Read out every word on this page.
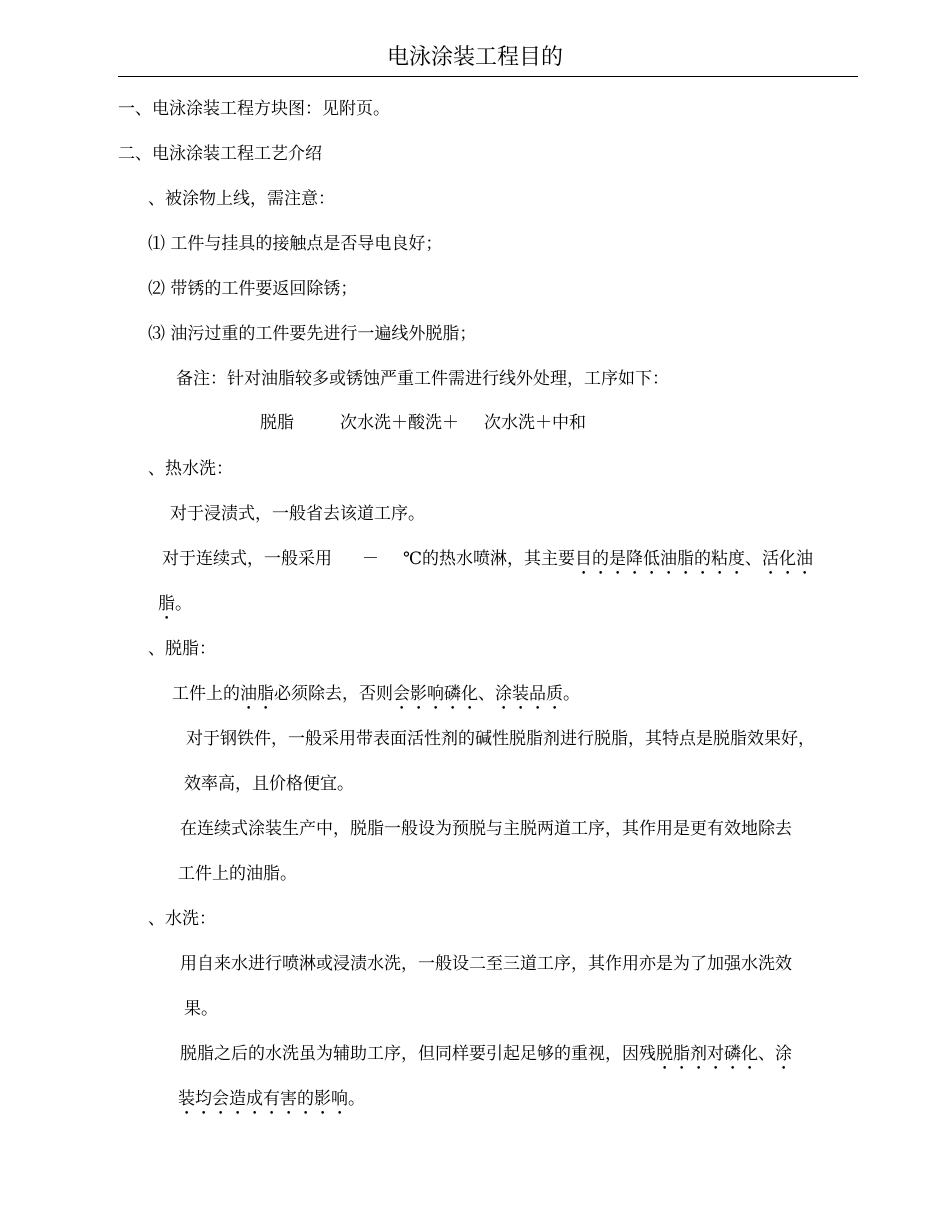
电泳涂装工程目的
一、电泳涂装工程方块图：见附页。
二、电泳涂装工程工艺介绍
、被涂物上线，需注意：
⑴ 工件与挂具的接触点是否导电良好；
⑵ 带锈的工件要返回除锈；
⑶ 油污过重的工件要先进行一遍线外脱脂；
备注：针对油脂较多或锈蚀严重工件需进行线外处理，工序如下：
脱脂	次水洗＋酸洗＋ 次水洗＋中和
、热水洗：
对于浸渍式，一般省去该道工序。
对于连续式，一般采用 － ℃的热水喷淋，其主要目的是降低油脂的粘度、活化油
脂。
、脱脂：
工件上的油脂必须除去，否则会影响磷化、涂装品质。
对于钢铁件，一般采用带表面活性剂的碱性脱脂剂进行脱脂，其特点是脱脂效果好，
效率高，且价格便宜。
在连续式涂装生产中，脱脂一般设为预脱与主脱两道工序，其作用是更有效地除去
工件上的油脂。
、水洗：
用自来水进行喷淋或浸渍水洗，一般设二至三道工序，其作用亦是为了加强水洗效
果。
脱脂之后的水洗虽为辅助工序，但同样要引起足够的重视，因残脱脂剂对磷化、涂
装均会造成有害的影响。
